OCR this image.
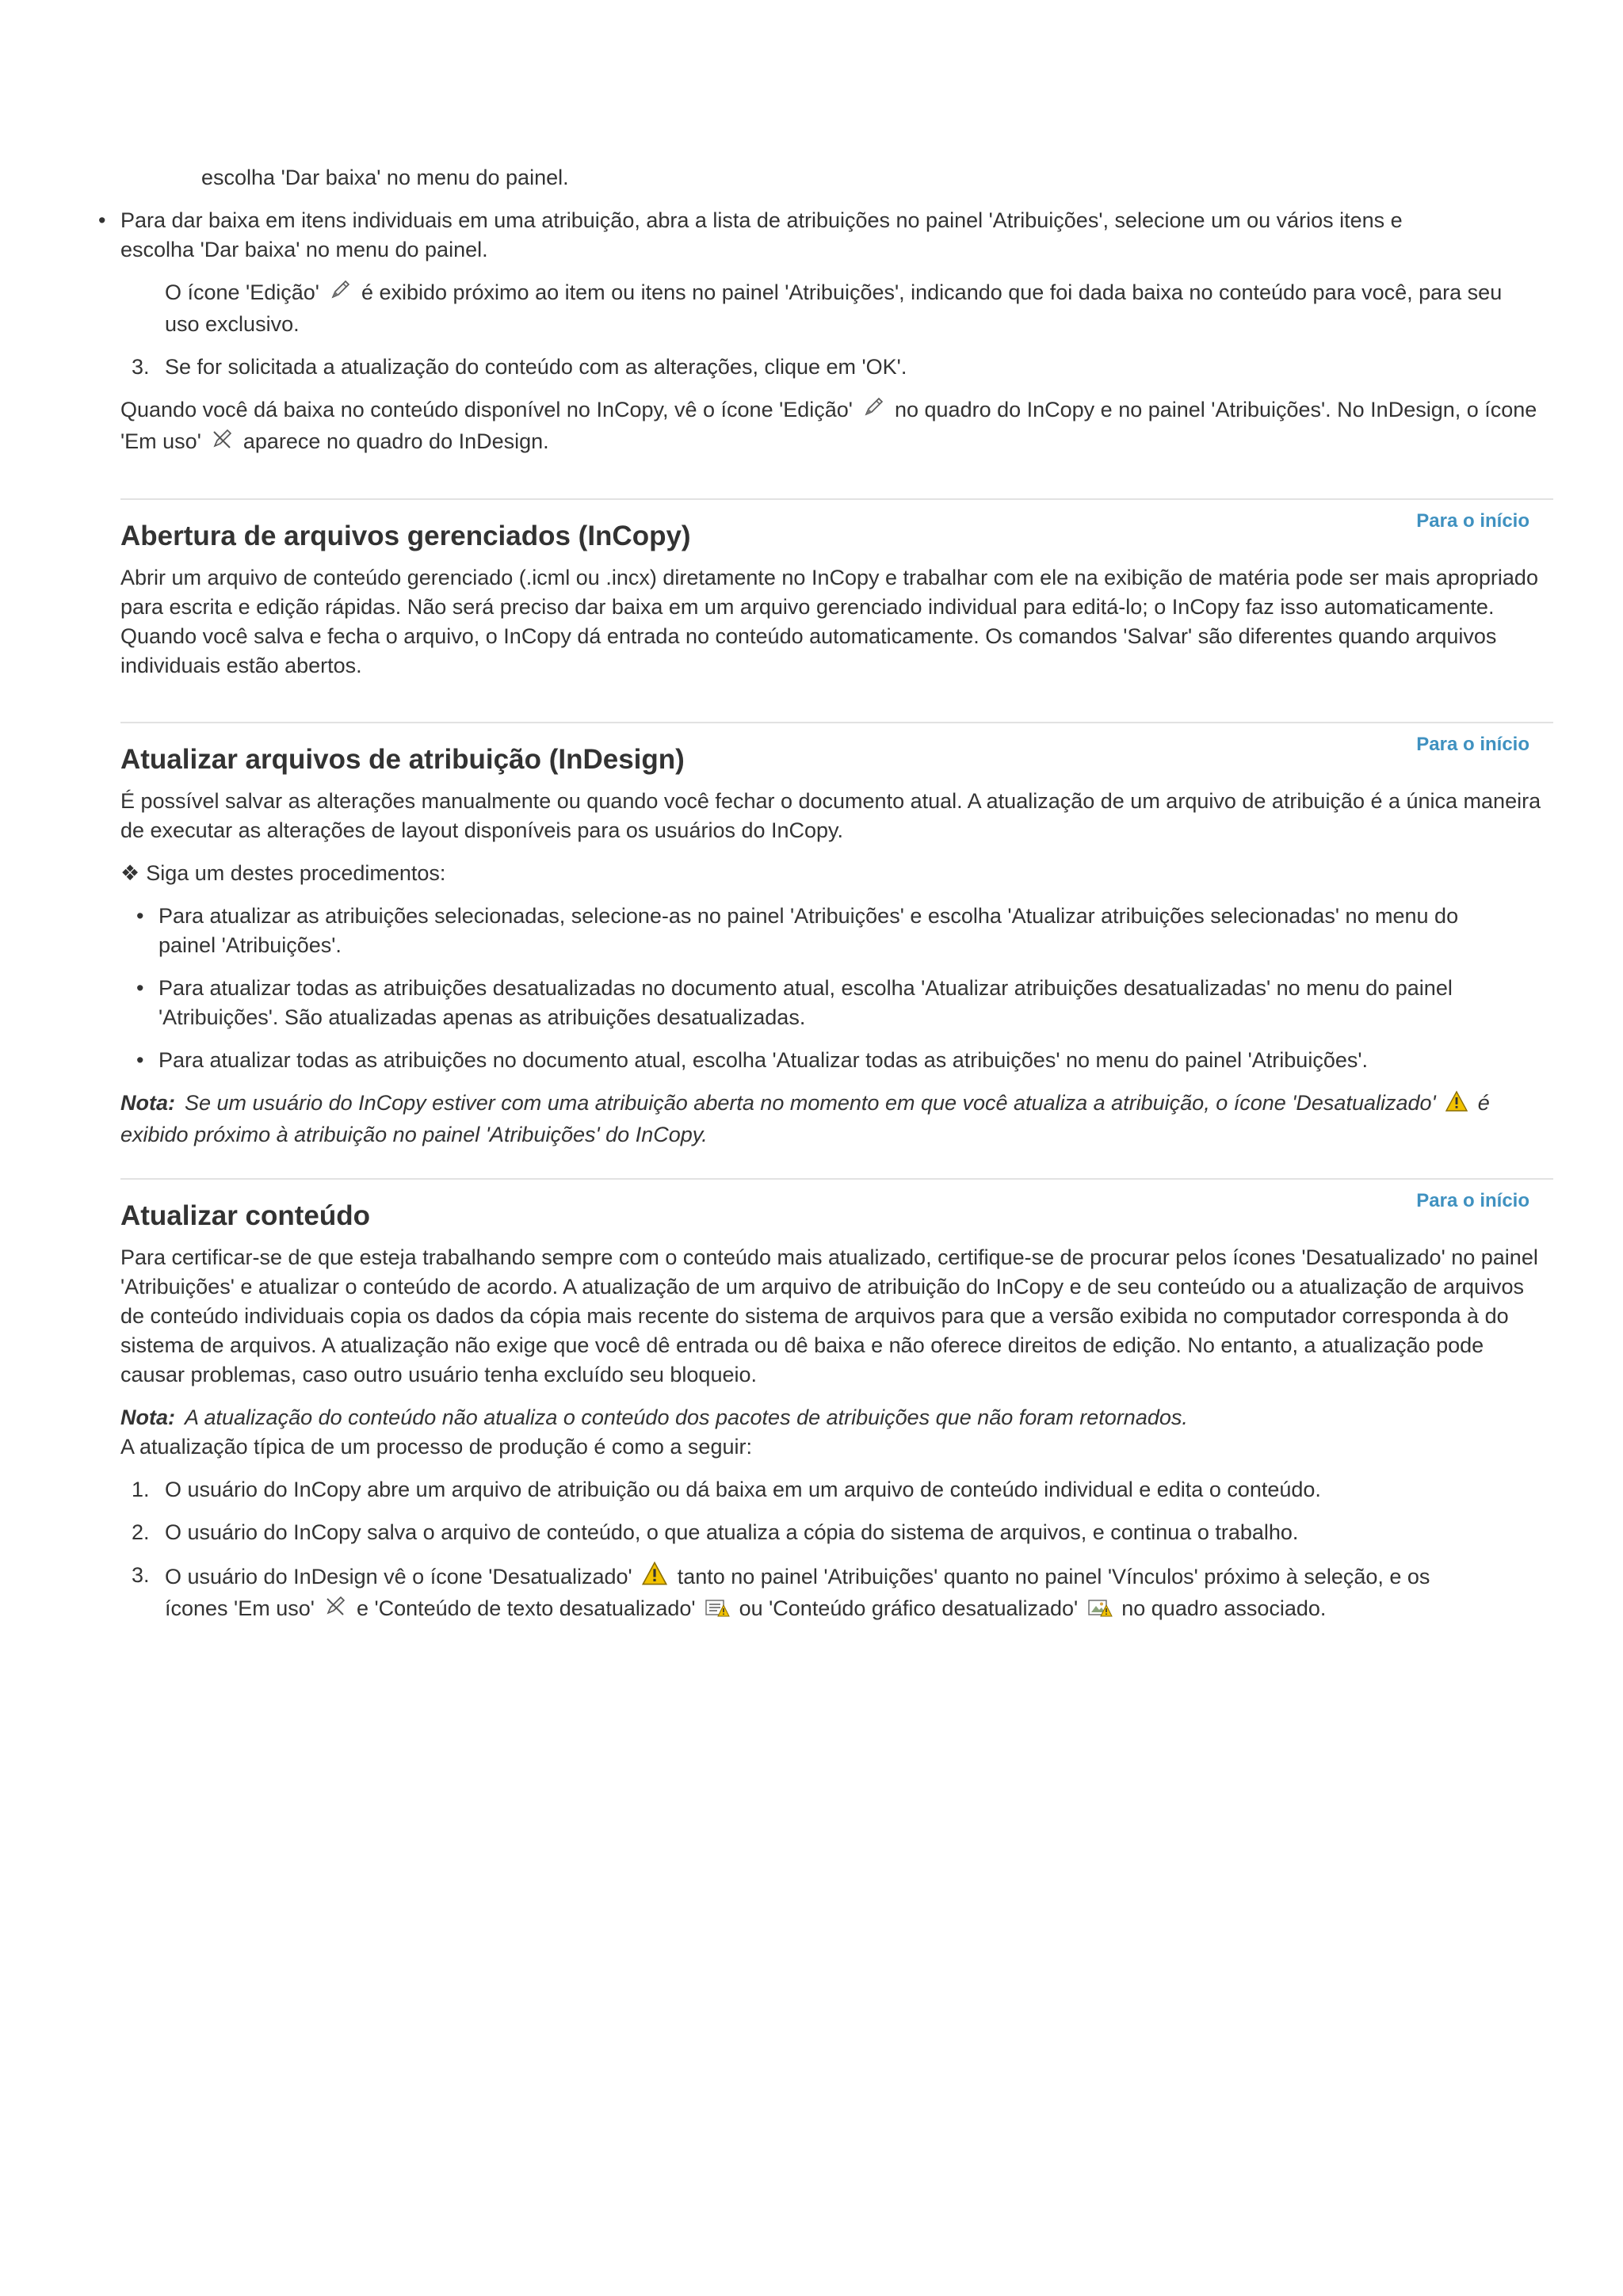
escolha 'Dar baixa' no menu do painel.

• Para dar baixa em itens individuais em uma atribuição, abra a lista de atribuições no painel 'Atribuições', selecione um ou vários itens e escolha 'Dar baixa' no menu do painel.

O ícone 'Edição' é exibido próximo ao item ou itens no painel 'Atribuições', indicando que foi dada baixa no conteúdo para você, para seu uso exclusivo.

3. Se for solicitada a atualização do conteúdo com as alterações, clique em 'OK'.

Quando você dá baixa no conteúdo disponível no InCopy, vê o ícone 'Edição' no quadro do InCopy e no painel 'Atribuições'. No InDesign, o ícone 'Em uso' aparece no quadro do InDesign.

Para o início
Abertura de arquivos gerenciados (InCopy)

Abrir um arquivo de conteúdo gerenciado (.icml ou .incx) diretamente no InCopy e trabalhar com ele na exibição de matéria pode ser mais apropriado para escrita e edição rápidas. Não será preciso dar baixa em um arquivo gerenciado individual para editá-lo; o InCopy faz isso automaticamente. Quando você salva e fecha o arquivo, o InCopy dá entrada no conteúdo automaticamente. Os comandos 'Salvar' são diferentes quando arquivos individuais estão abertos.

Para o início
Atualizar arquivos de atribuição (InDesign)

É possível salvar as alterações manualmente ou quando você fechar o documento atual. A atualização de um arquivo de atribuição é a única maneira de executar as alterações de layout disponíveis para os usuários do InCopy.

❖ Siga um destes procedimentos:

• Para atualizar as atribuições selecionadas, selecione-as no painel 'Atribuições' e escolha 'Atualizar atribuições selecionadas' no menu do painel 'Atribuições'.
• Para atualizar todas as atribuições desatualizadas no documento atual, escolha 'Atualizar atribuições desatualizadas' no menu do painel 'Atribuições'. São atualizadas apenas as atribuições desatualizadas.
• Para atualizar todas as atribuições no documento atual, escolha 'Atualizar todas as atribuições' no menu do painel 'Atribuições'.

Nota: Se um usuário do InCopy estiver com uma atribuição aberta no momento em que você atualiza a atribuição, o ícone 'Desatualizado' é exibido próximo à atribuição no painel 'Atribuições' do InCopy.

Para o início
Atualizar conteúdo

Para certificar-se de que esteja trabalhando sempre com o conteúdo mais atualizado, certifique-se de procurar pelos ícones 'Desatualizado' no painel 'Atribuições' e atualizar o conteúdo de acordo. A atualização de um arquivo de atribuição do InCopy e de seu conteúdo ou a atualização de arquivos de conteúdo individuais copia os dados da cópia mais recente do sistema de arquivos para que a versão exibida no computador corresponda à do sistema de arquivos. A atualização não exige que você dê entrada ou dê baixa e não oferece direitos de edição. No entanto, a atualização pode causar problemas, caso outro usuário tenha excluído seu bloqueio.

Nota: A atualização do conteúdo não atualiza o conteúdo dos pacotes de atribuições que não foram retornados.

A atualização típica de um processo de produção é como a seguir:

1. O usuário do InCopy abre um arquivo de atribuição ou dá baixa em um arquivo de conteúdo individual e edita o conteúdo.
2. O usuário do InCopy salva o arquivo de conteúdo, o que atualiza a cópia do sistema de arquivos, e continua o trabalho.
3. O usuário do InDesign vê o ícone 'Desatualizado' tanto no painel 'Atribuições' quanto no painel 'Vínculos' próximo à seleção, e os ícones 'Em uso' e 'Conteúdo de texto desatualizado' ou 'Conteúdo gráfico desatualizado' no quadro associado.
